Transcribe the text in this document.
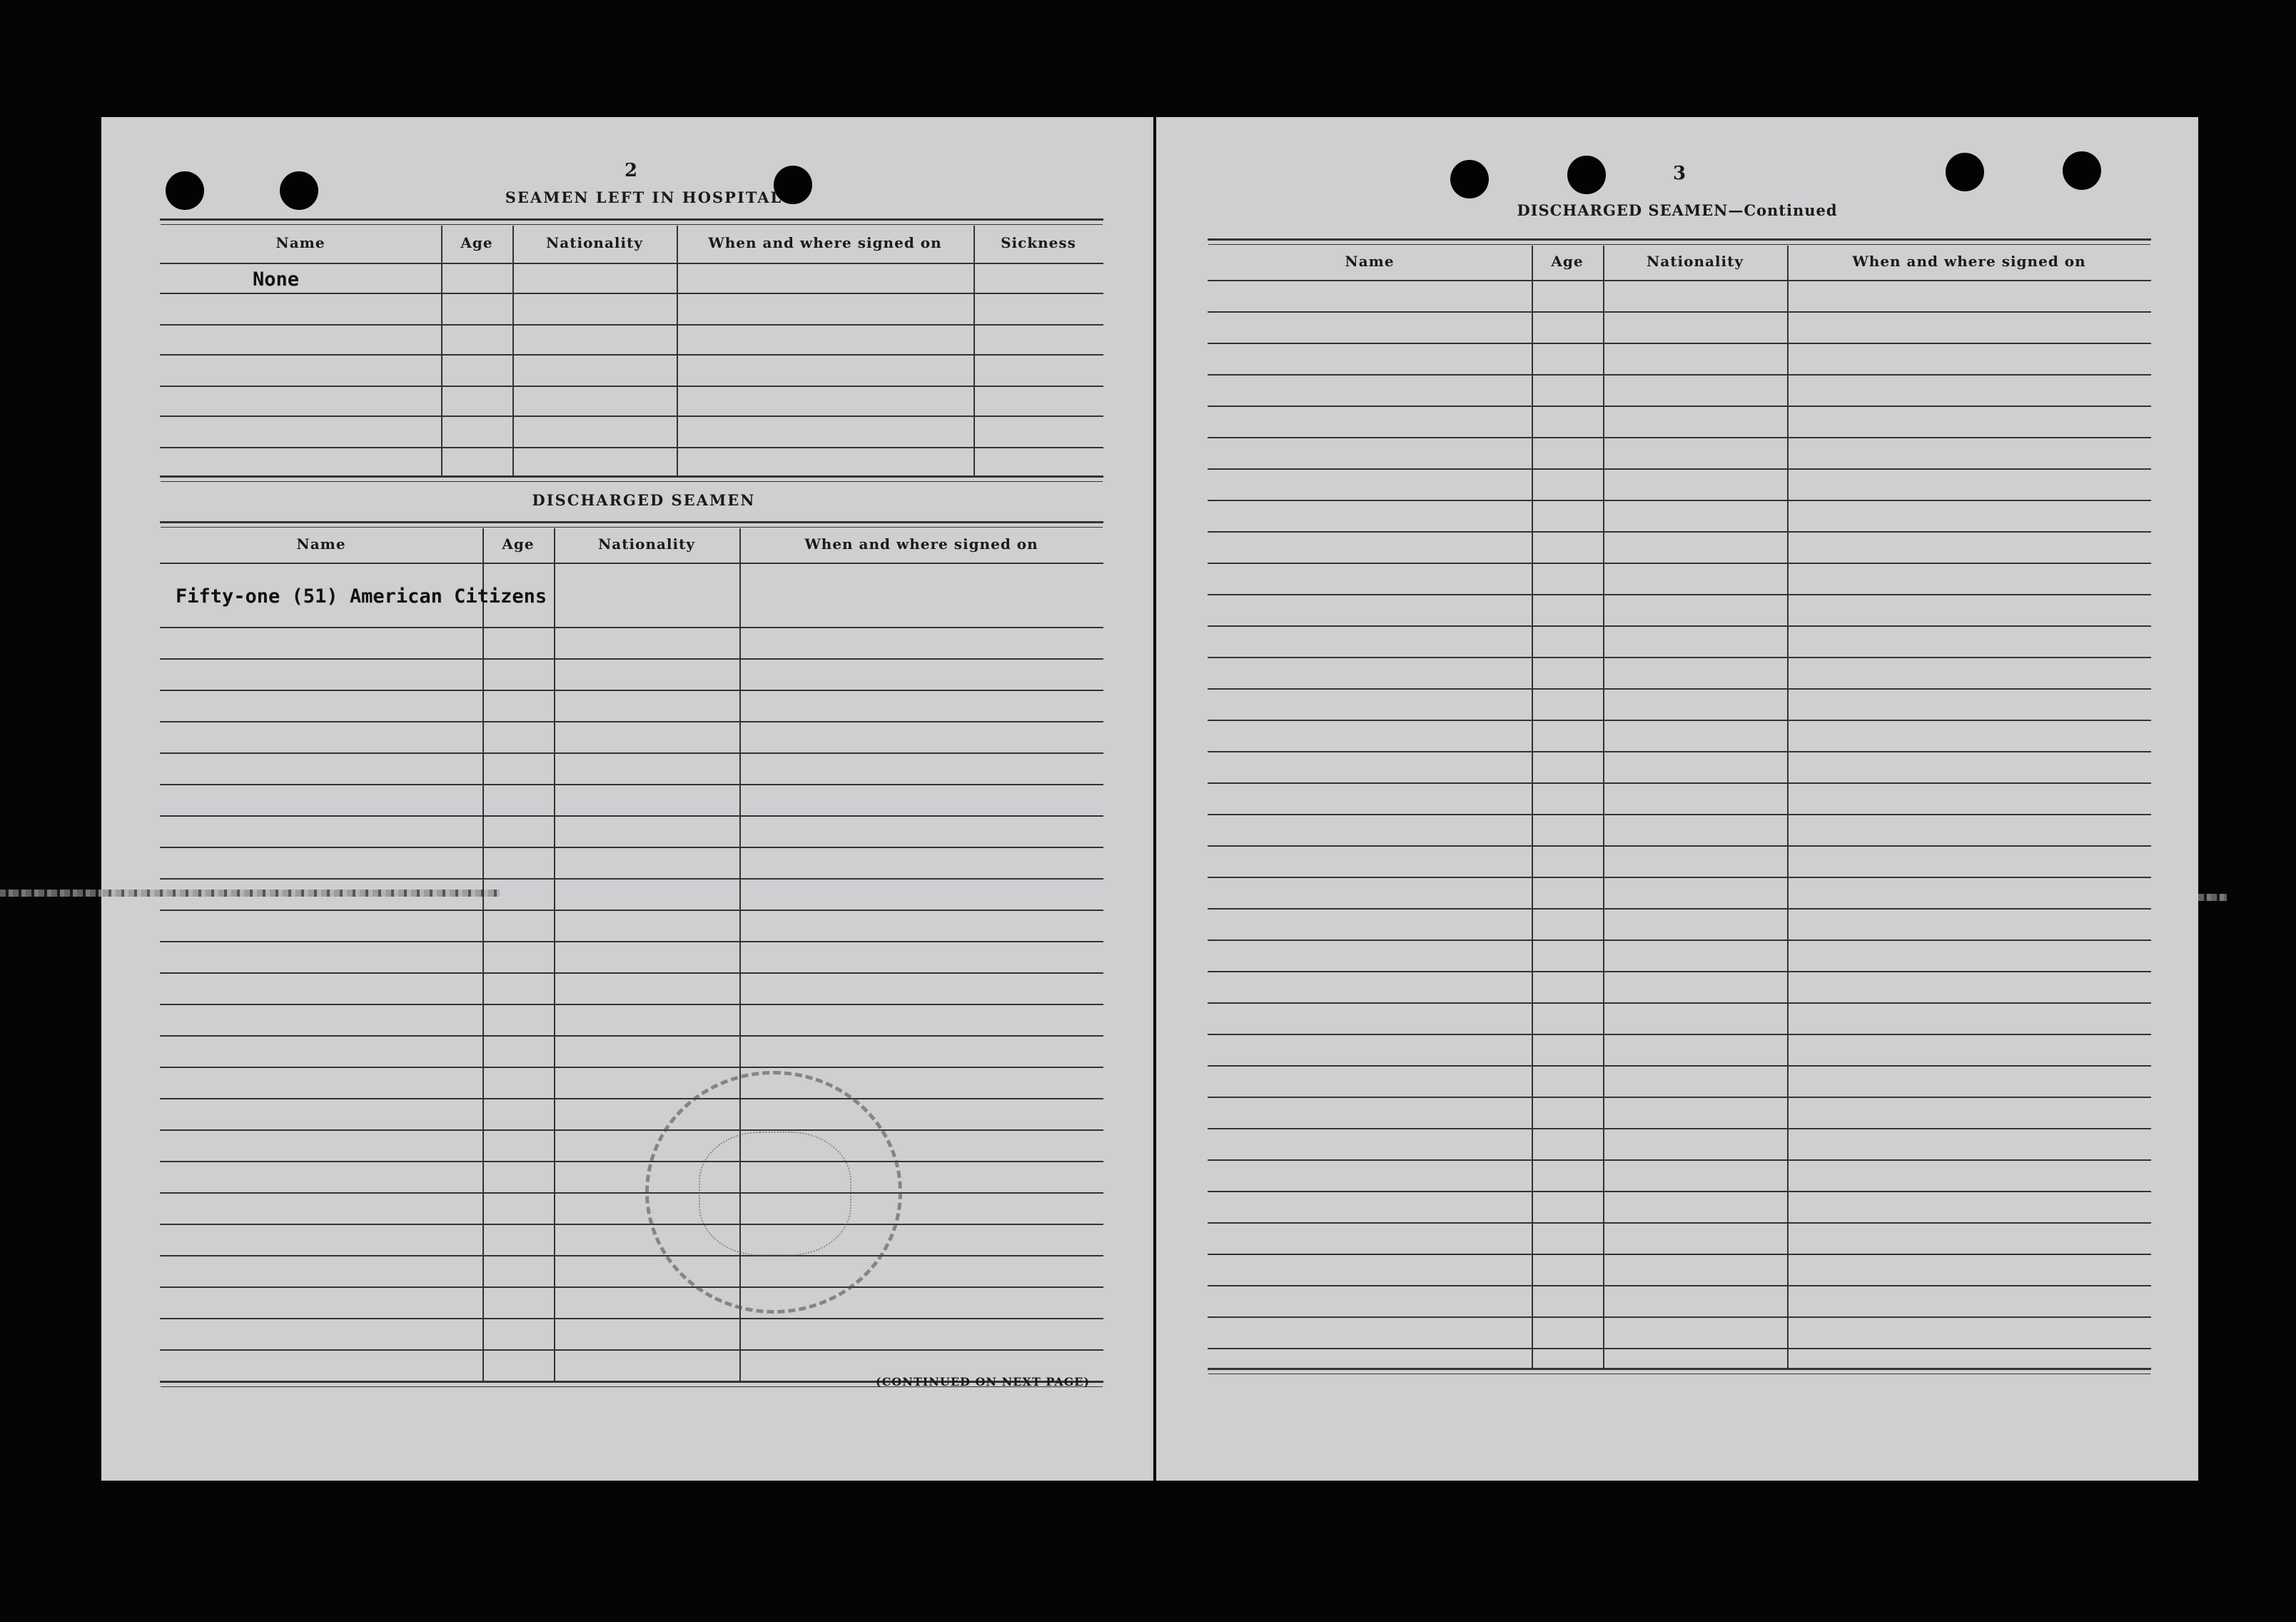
2
SEAMEN LEFT IN HOSPITAL
Name	Age	Nationality	When and where signed on	Sickness
None
DISCHARGED SEAMEN
Name	Age	Nationality	When and where signed on
Fifty-one (51) American Citizens
(CONTINUED ON NEXT PAGE)
3
DISCHARGED SEAMEN—Continued
Name	Age	Nationality	When and where signed on
